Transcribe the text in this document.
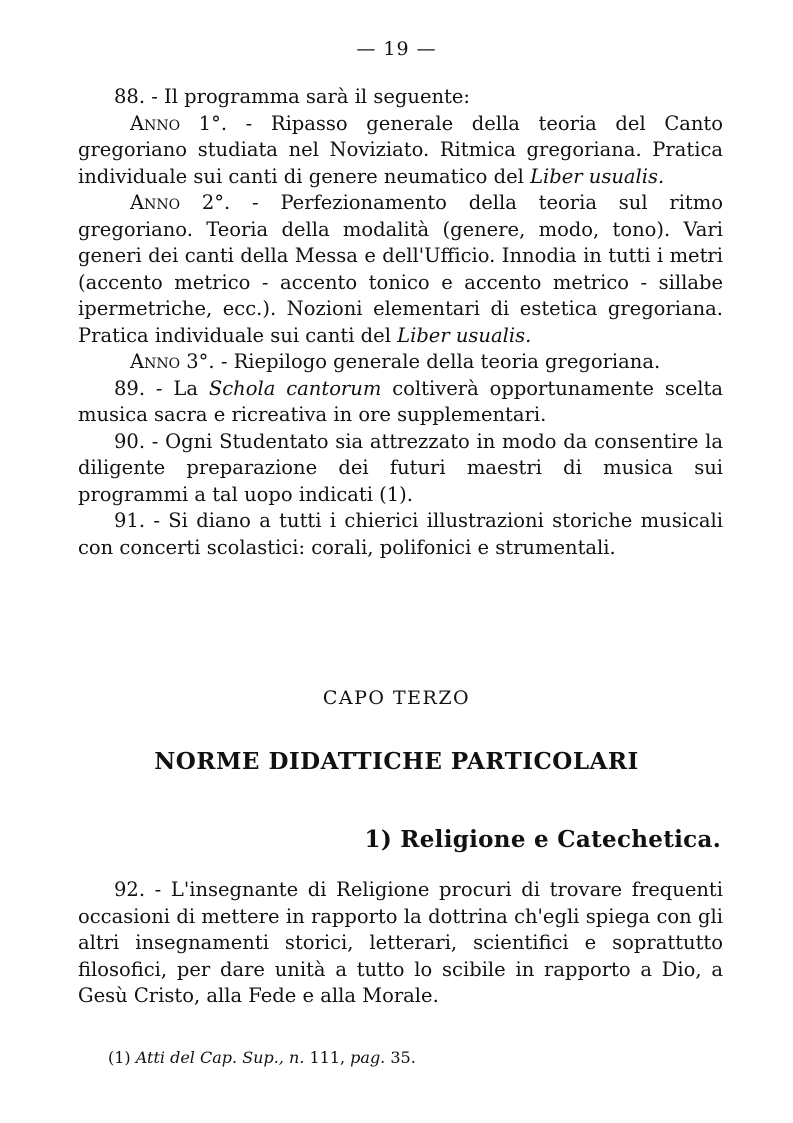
— 19 —

88. - Il programma sarà il seguente:

Anno 1°. - Ripasso generale della teoria del Canto gregoriano studiata nel Noviziato. Ritmica gregoriana. Pratica individuale sui canti di genere neumatico del Liber usualis.

Anno 2°. - Perfezionamento della teoria sul ritmo gregoriano. Teoria della modalità (genere, modo, tono). Vari generi dei canti della Messa e dell'Ufficio. Innodia in tutti i metri (accento metrico - accento tonico e accento metrico - sillabe ipermetriche, ecc.). Nozioni elementari di estetica gregoriana. Pratica individuale sui canti del Liber usualis.

Anno 3°. - Riepilogo generale della teoria gregoriana.

89. - La Schola cantorum coltiverà opportunamente scelta musica sacra e ricreativa in ore supplementari.

90. - Ogni Studentato sia attrezzato in modo da consentire la diligente preparazione dei futuri maestri di musica sui programmi a tal uopo indicati (1).

91. - Si diano a tutti i chierici illustrazioni storiche musicali con concerti scolastici: corali, polifonici e strumentali.

CAPO TERZO
NORME DIDATTICHE PARTICOLARI
1) Religione e Catechetica.

92. - L'insegnante di Religione procuri di trovare frequenti occasioni di mettere in rapporto la dottrina ch'egli spiega con gli altri insegnamenti storici, letterari, scientifici e soprattutto filosofici, per dare unità a tutto lo scibile in rapporto a Dio, a Gesù Cristo, alla Fede e alla Morale.

(1) Atti del Cap. Sup., n. 111, pag. 35.
